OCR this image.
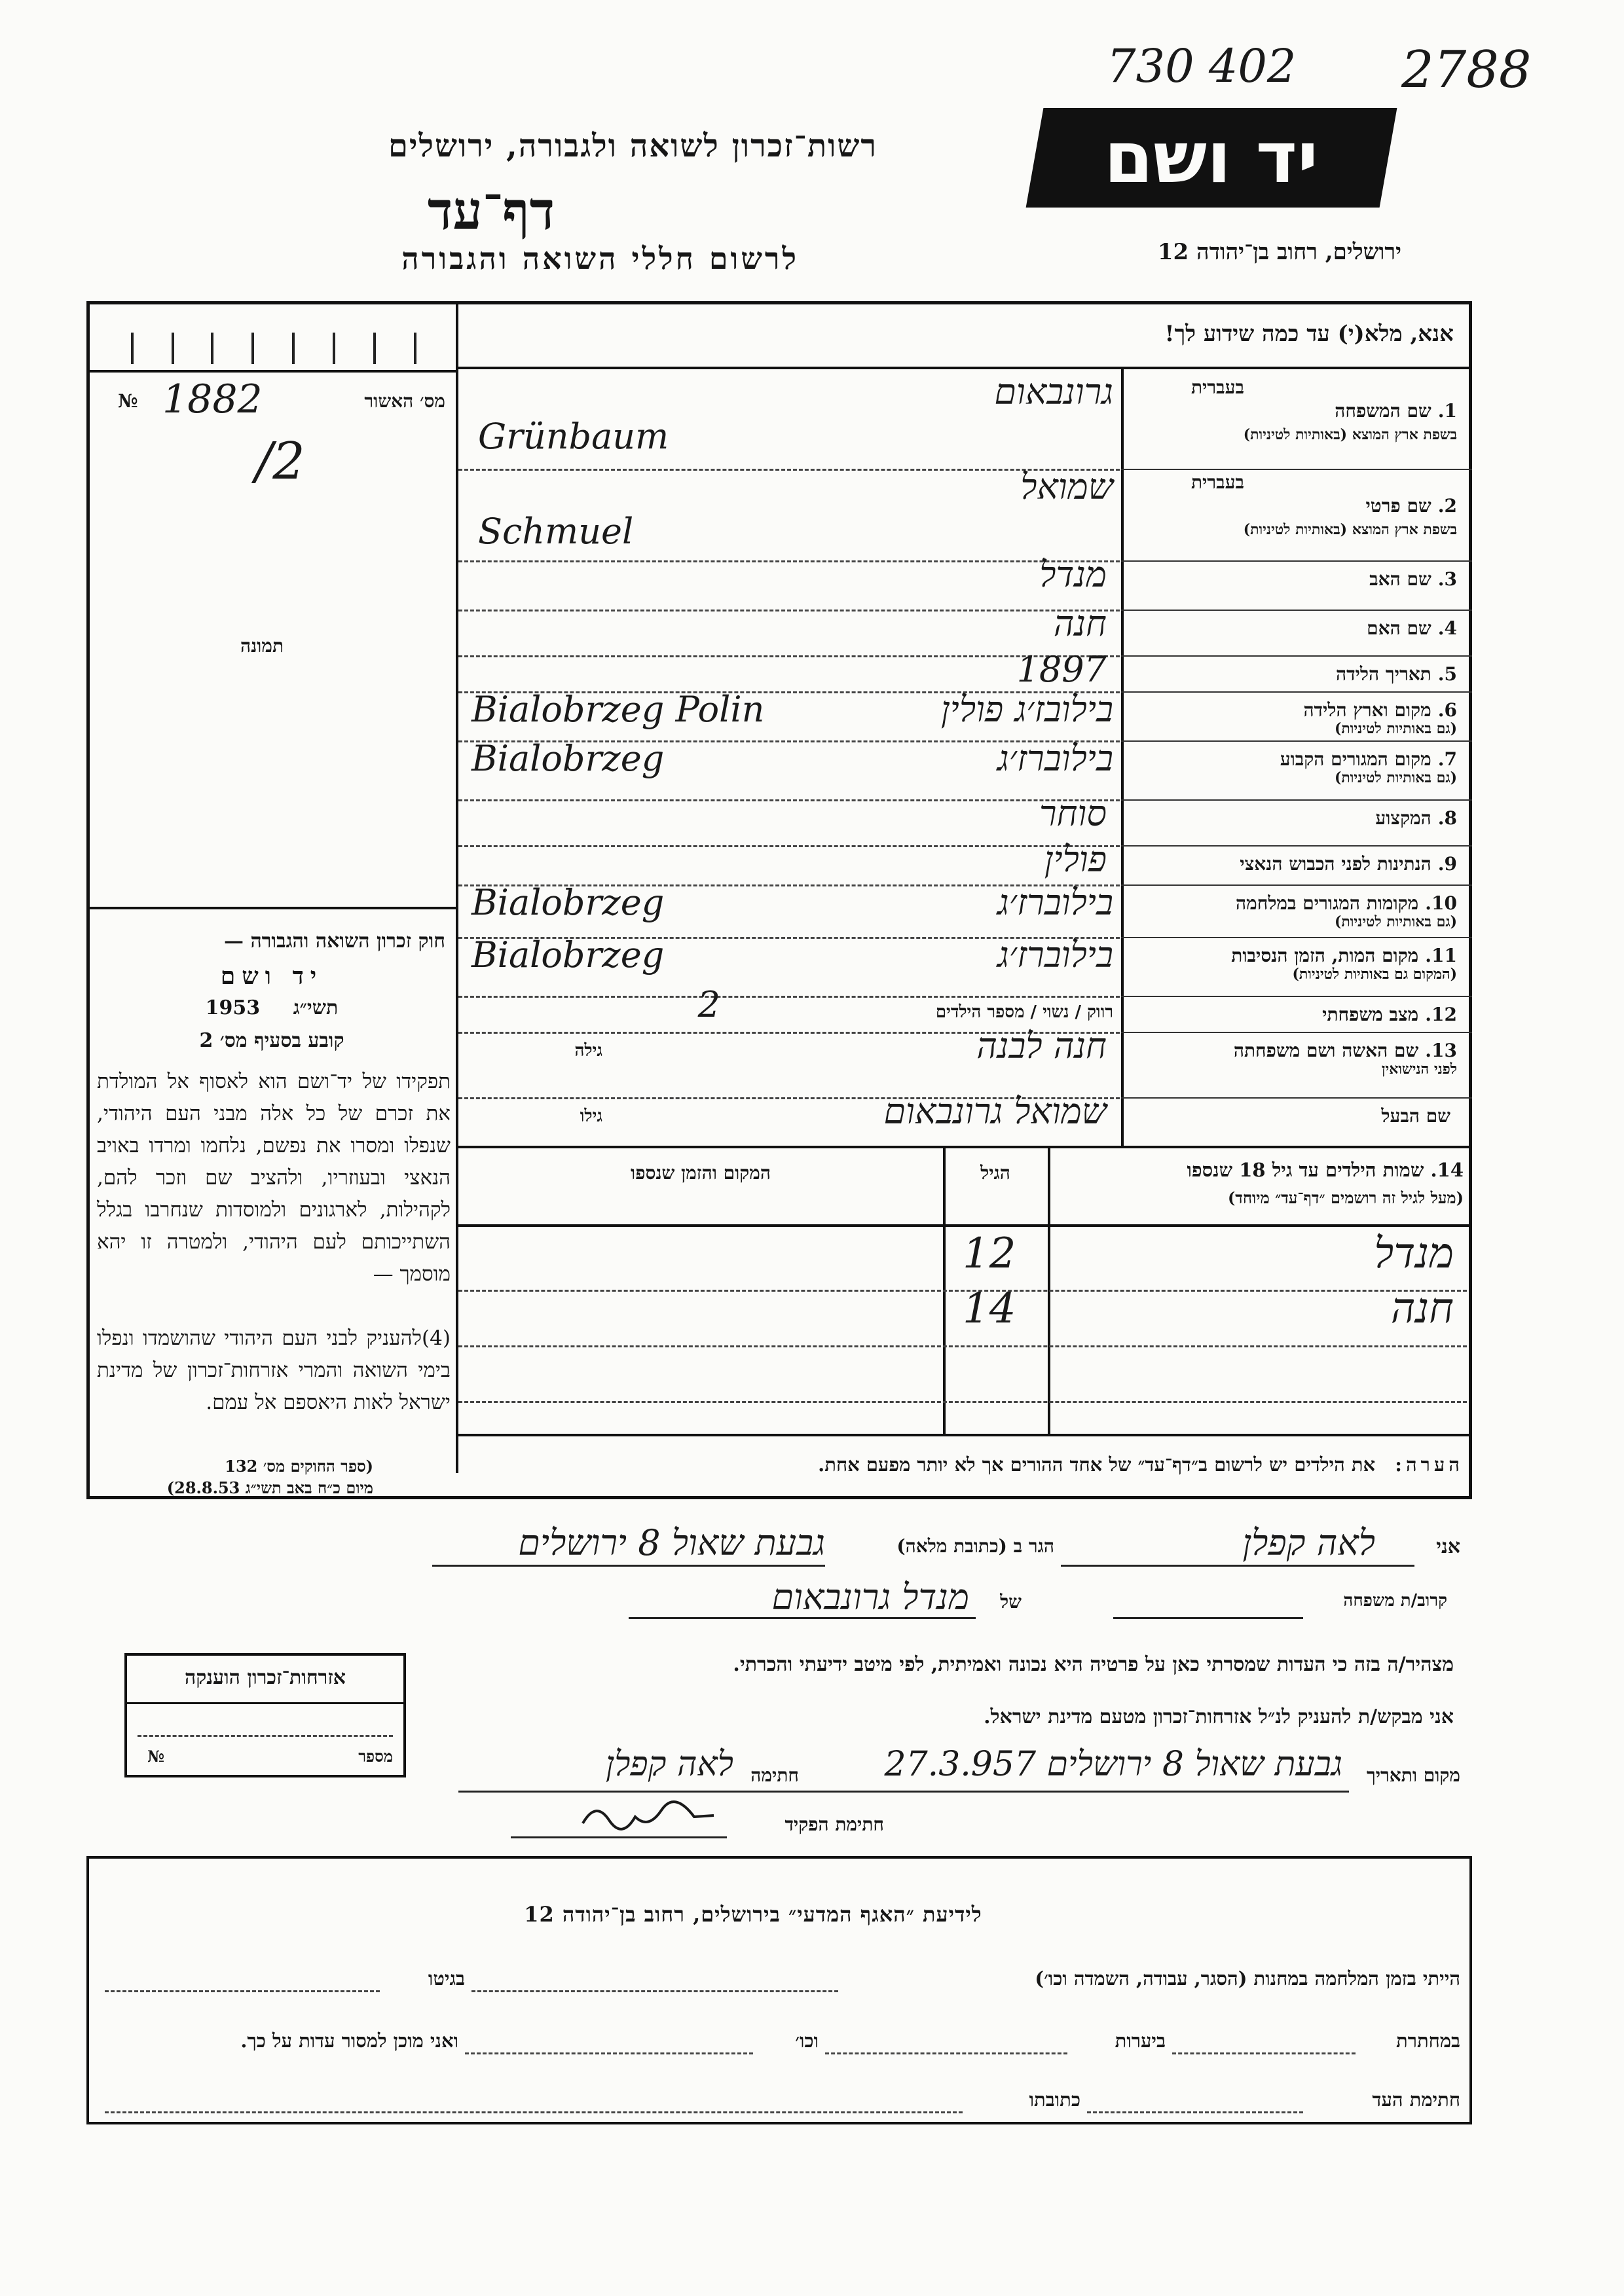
730 402 2788
רשות־זכרון לשואה ולגבורה, ירושלים
דף־עד
לרשום חללי השואה והגבורה
יד ושם
ירושלים, רחוב בן־יהודה 12
אנא, מלא(י) עד כמה שידוע לך!
№ 1882	מס׳ האשור
/2
תמונה
חוק זכרון השואה והגבורה —
יד ושם
תשי״ג 1953
קובע בסעיף מס׳ 2
תפקידו של יד־ושם הוא לאסוף אל המולדת את זכרם של כל אלה מבני העם היהודי, שנפלו ומסרו את נפשם, נלחמו ומרדו באויב הנאצי ובעוזריו, ולהציב שם וזכר להם, לקהילות, לארגונים ולמוסדות שנחרבו בגלל השתייכותם לעם היהודי, ולמטרה זו יהא מוסמך —
(4)להעניק לבני העם היהודי שהושמדו ונפלו בימי השואה והמרי אזרחות־זכרון של מדינת ישראל לאות היאספם אל עמם.
(ספר החוקים מס׳ 132
מיום כ״ח באב תשי״ג 28.8.53)
1.שם המשפחה
בעברית
בשפת ארץ המוצא (באותיות לטיניות)
גרונבאום
Grünbaum
2.שם פרטי
בעברית
בשפת ארץ המוצא (באותיות לטיניות)
שמואל
Schmuel
3.שם האב
מנדל
4.שם האם
חנה
5.תאריך הלידה
1897
6.מקום וארץ הלידה
(גם באותיות לטיניות)
בילובז׳ג פולין
Bialobrzeg Polin
7.מקום המגורים הקבוע
(גם באותיות לטיניות)
בילוברז׳ג
Bialobrzeg
8.המקצוע
סוחר
9.הנתינות לפני הכבוש הנאצי
פולין
10.מקומות המגורים במלחמה
(גם באותיות לטיניות)
בילוברז׳ג
Bialobrzeg
11.מקום המות, הזמן הנסיבות
(המקום גם באותיות לטיניות)
בילוברז׳ג
Bialobrzeg
12.מצב משפחתי
רווק / נשוי / מספר הילדים
2
13.שם האשה ושם משפחתה
לפני הנישואין
חנה לבנה
גילה
שם הבעל
שמואל גרונבאום
גילו
14. שמות הילדים עד גיל 18 שנספו
(מעל לגיל זה רושמים ״דף־עד״ מיוחד)
הגיל
המקום והזמן שנספו
מנדל
12
חנה
14
הערה: את הילדים יש לרשום ב״דף־עד״ של אחד ההורים אך לא יותר מפעם אחת.
אני
לאה קפלן
הגר ב (כתובת מלאה)
גבעת שאול 8 ירושלים
קרוב/ת משפחה
של
מנדל גרונבאום
מצהיר/ה בזה כי העדות שמסרתי כאן על פרטיה היא נכונה ואמיתית, לפי מיטב ידיעתי והכרתי.
אני מבקש/ת להעניק לנ״ל אזרחות־זכרון מטעם מדינת ישראל.
מקום ותאריך
גבעת שאול 8 ירושלים 27.3.957
חתימה
לאה קפלן
חתימת הפקיד
אזרחות־זכרון הוענקה
№	מספר
לידיעת ״האגף המדעי״ בירושלים, רחוב בן־יהודה 12
הייתי בזמן המלחמה במחנות (הסגר, עבודה, השמדה וכו׳)
בגיטו
במחתרת
ביערות
וכו׳
ואני מוכן למסור עדות על כך.
חתימת העד
כתובתו
